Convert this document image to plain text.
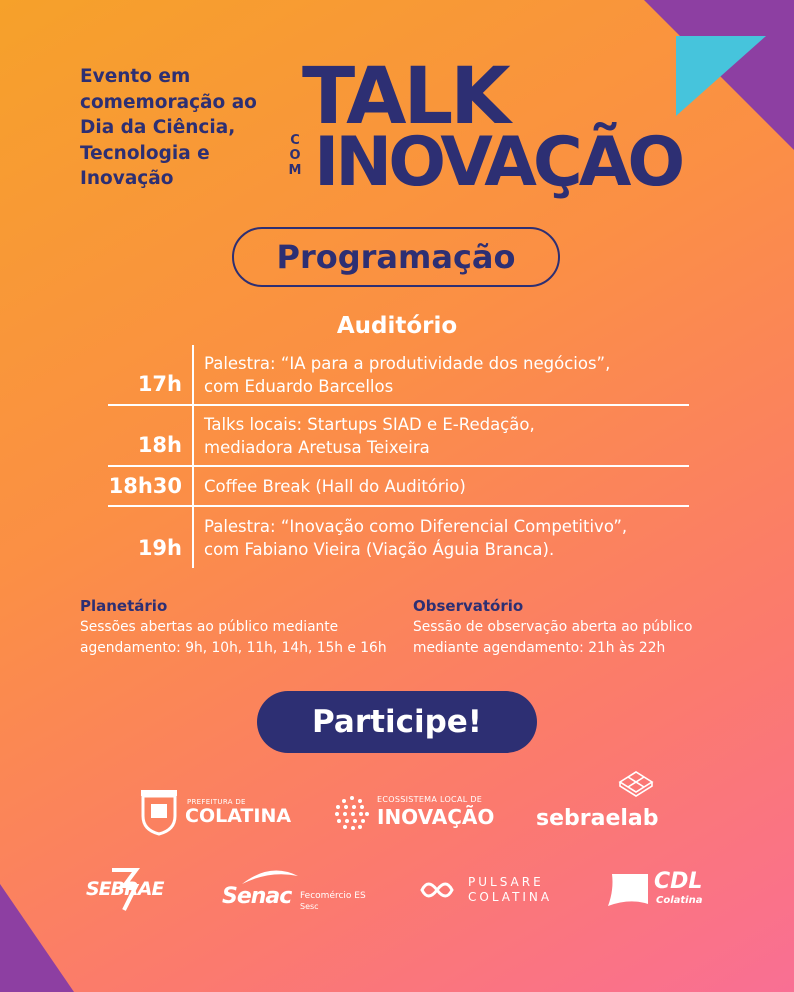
Evento em
comemoração ao
Dia da Ciência,
Tecnologia e
Inovação
TALK
C
O
M INOVAÇÃO
Programação
Auditório
17h
Palestra: “IA para a produtividade dos negócios”,
com Eduardo Barcellos
18h
Talks locais: Startups SIAD e E-Redação,
mediadora Aretusa Teixeira
18h30	Coffee Break (Hall do Auditório)
19h
Palestra: “Inovação como Diferencial Competitivo”,
com Fabiano Vieira (Viação Águia Branca).
Planetário
Sessões abertas ao público mediante
agendamento: 9h, 10h, 11h, 14h, 15h e 16h
Observatório
Sessão de observação aberta ao público
mediante agendamento: 21h às 22h
Participe!
PREFEITURA DE
COLATINA
ECOSSISTEMA LOCAL DE
INOVAÇÃO sebraelab
SEBRAE	Senac Fecomércio ES
Sesc
PULSARE
COLATINA
CDL
Colatina
